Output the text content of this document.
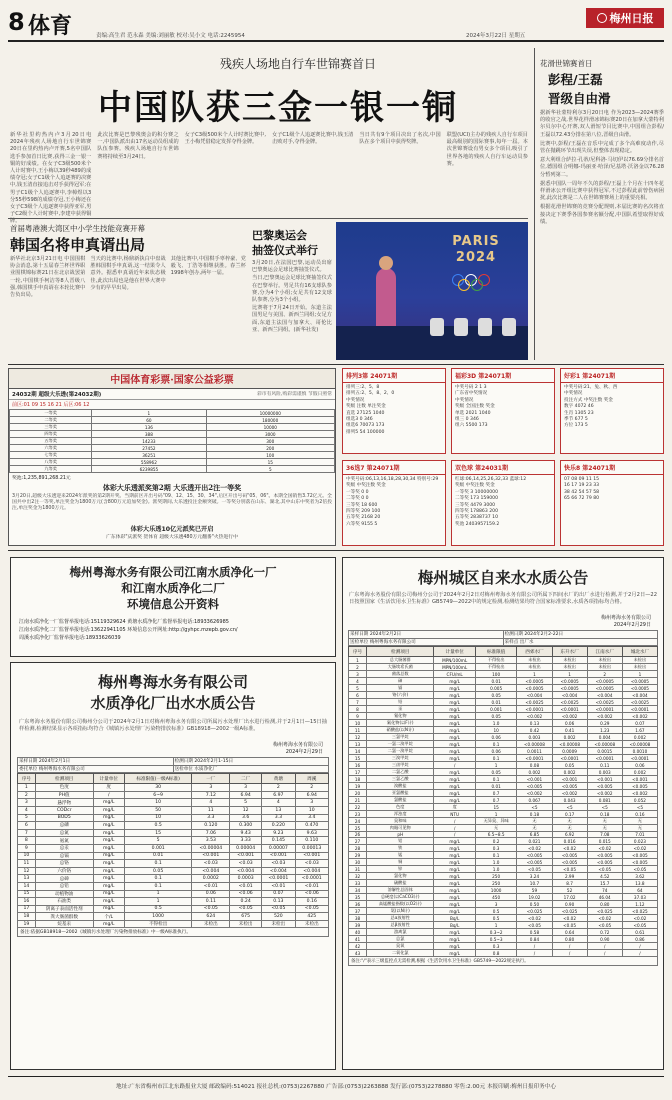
8 体育	责编:高生君 范永森 美编:刘丽敏 校对:吴小文 电话:2245954	2024年3月22日 星期五
梅州日报
残疾人场地自行车世锦赛首日
中国队获三金一银一铜

新华社里约热内卢3月20日电 2024年残疾人场地自行车世锦赛20日在里约热内卢开赛,5名中国队选手参加首日比赛,获得三金一银一铜的好成绩。在女子C3级500米个人计时赛中,王小梅以39秒489的成绩夺冠;女子C1级个人追逐赛的决赛中,钱玉清直接追击对手获得冠军;在男子C1级个人追逐赛中,李樟煜以3分55秒598的成绩夺冠,王小梅还在女子C3级个人追逐赛中获得亚军,男子C2级个人计时赛中,李建中获得铜牌。

此次比赛是巴黎残奥会的积分赛之一,中国队派出由17名运动员组成的队伍参赛。残疾人场地自行车世锦赛将持续至3月24日。

女子C3级500米个人计时赛比赛中,王小梅凭借稳定发挥夺得金牌。

女子C1级个人追逐赛比赛中,钱玉清击败对手,夺得金牌。

当日共有9个项目决出了名次,中国队在多个项目中获得奖牌。

联盟(UCI)主办的残疾人自行车项目最高级别的国际赛事,每年一届。本次世锦赛设有男女多个项目,吸引了世界各地的残疾人自行车运动员参赛。

花滑世锦赛首日
彭程/王磊
晋级自由滑

据新华社蒙特利尔3月20日电 作为2023—2024赛季的收官之战,世界花样滑冰锦标赛20日在加拿大蒙特利尔贝尔中心开赛,双人滑短节目比赛中,中国组合彭程/王磊以72.43分排在第八位,晋级自由滑。

比赛中,彭程/王磊在音乐中完成了多个高难度动作,尽管在抛跳环节出现失误,但整体表现稳定。

意大利组合萨拉·孔蒂/尼科洛·马切伊以76.69分排名首位,德国组合明娜-玛丽亚·哈泽/尼基塔·沃洛金以76.28分暂列第二。

据悉中国队一周年不久的彭程/王磊上个月在十四冬花样滑冰公开组比赛中获得冠军,不过彭程此前曾伤病困扰,此次比赛是二人在世锦赛赛场上的重要亮相。

根据花滑世锦赛的竞赛分配规则,本届比赛的名次将直接决定下赛季各国参赛名额分配,中国队希望取得好成绩。

首届粤港澳大湾区中小学生技能竞赛开幕
韩国名将申真谞出局

新华社北京3月21日电 中国围棋协会消息,第十五届春兰杯世界职业围棋锦标赛21日在北京战罢第一轮,中国棋手柯洁等8人晋级八强,韩国棋手申真谞在本轮比赛中告负出局。

当天的比赛中,杨鼎新执白中盘战胜韩国棋手申真谞,这一结果令人意外。据悉申真谞近年来状态极佳,此次出局也是他在世界大赛中少有的早早出局。

其他比赛中,中国棋手辜梓豪、党毅飞、丁浩等相继获胜。春兰杯1998年创办,两年一届。

巴黎奥运会
抽签仪式举行

3月20日,在法国巴黎,运动员出席巴黎奥运会足球比赛抽签仪式。

当日,巴黎奥运会足球比赛抽签仪式在巴黎举行。男足共有16支球队参赛,分为4个小组;女足共有12支球队参赛,分为3个小组。

比赛将于7月24日开始。东道主法国男足与美国、新西兰同组;女足方面,东道主法国与加拿大、哥伦比亚、新西兰同组。(新华社发)

PARIS 2024
中国体育彩票·国家公益彩票
24032期 超级大乐透(第24032期)	彩市有风险,购彩需谨慎 节假日照常
前区:01 09 15 16 21 后区:06 12
一等奖	1	10000000
二等奖	60	180000
三等奖	136	10000
四等奖	388	3000
五等奖	14233	300
六等奖	27452	200
七等奖	36251	100
八等奖	558962	15
九等奖	6239855	5
奖池:1,235,891,268.21元
体彩大乐透派奖第2期 大乐透开出2注一等奖

3月20日,超级大乐透迎来2024年派奖的第2期开奖。当期前区开出号码"09、12、15、30、34",后区开出号码"05、06"。本期全国销售3.72亿元。全国共中出2注一等奖,单注奖金为1800万元(含800万元追加奖金)。派奖期间,大乐透投注金额突破。一等奖分别落在山东、湖北,其中山东中奖者为2倍投注,单注奖金为1800万元。

体彩大乐透10亿元派奖已开启
广东体彩"庆派奖 贺体育 超级大乐透480万元翻番"火热进行中
排列3第 24071期
排列三:2、5、8
排列五:2、5、8、2、0
中奖情况
奖级 注数 单注奖金
直选 27125 1040
组选3 0 346
组选6 70073 173
排列5 54 100000
福彩3D 第24071期
中奖号码 2 1 3
广东省中奖情况
中奖情况
奖级 全国注数 奖金
单选 2021 1040
组三 0 346
组六 5500 173
好彩1 第24071期
中奖号码:21、兔、秋、西
中奖情况
投注方式 中奖注数 奖金
数字 4072 46
生肖 1305 23
季节 677 5
方位 173 5
36选7 第24071期
中奖号码:06,13,16,18,28,30,34 特别号:29
奖级 中奖注数 奖金
一等奖 0 0
二等奖 0 0
三等奖 18 600
四等奖 209 100
五等奖 2168 20
六等奖 9155 5
双色球 第24031期
红球:06,14,25,26,32,33 蓝球:12
奖级 中奖注数 奖金
一等奖 3 10000000
二等奖 173 159000
三等奖 4479 3000
四等奖 178863 200
五等奖 2838737 10
奖池 2403957159.2
快乐8 第24071期
07 08 09 11 15
16 17 19 23 33
38 42 54 57 58
65 66 72 79 80
梅州粤海水务有限公司江南水质净化一厂
和江南水质净化二厂
环境信息公开资料
江南水质净化一厂监督举报电话:15119329624 黄塘水质净化厂监督举报电话:18933626985
江南水质净化二厂监督举报电话:13622941105 环境信息公开网址:http://gyhpc.mzepb.gov.cn/
周溪水质净化厂监督举报电话:18933626039
梅州粤海水务有限公司
水质净化厂出水水质公告

广东粤海水务股份有限公司梅州分公司于2024年2月1日对梅州粤海水务有限公司所属污水处理厂出水进行检测,并于2月1日—15日抽样检测,检测结果显示各项指标均符合《城镇污水处理厂污染物排放标准》GB18918—2002一级A标准。

梅州粤海水务有限公司
2024年2月29日
采样日期 2024年2月1日	检测日期 2024年2月1-15日
委托单位 梅州粤海水务有限公司	送检单位 水质净化厂
序号	检测项目	计量单位	标准限值(一级A标准)	一厂	二厂	黄塘	周溪
1	色度	度	30	3	3	2	2
2	PH值	/	6~9	7.12	6.94	6.97	6.94
3	悬浮物	mg/L	10	4	5	4	3
4	CODcr	mg/L	50	11	12	13	10
5	BOD5	mg/L	10	3.3	3.6	3.3	3.4
6	总磷	mg/L	0.5	0.120	0.300	0.220	0.470
7	总氮	mg/L	15	7.06	9.43	9.23	9.63
8	氨氮	mg/L	5	3.53	3.33	0.145	0.110
9	总汞	mg/L	0.001	<0.00004	0.00004	0.00007	0.00013
10	总镉	mg/L	0.01	<0.001	<0.001	<0.001	<0.001
11	总铬	mg/L	0.1	<0.03	<0.03	<0.03	<0.03
12	六价铬	mg/L	0.05	<0.004	<0.004	<0.004	<0.004
13	总砷	mg/L	0.1	0.0002	0.0003	<0.0001	<0.0001
14	总铅	mg/L	0.1	<0.01	<0.01	<0.01	<0.01
15	动植物油	mg/L	1	0.06	<0.06	0.07	<0.06
16	石油类	mg/L	1	0.11	0.24	0.13	0.16
17	阴离子表面活性剂	mg/L	0.5	<0.05	<0.05	<0.05	<0.05
18	粪大肠菌群数	个/L	1000	624	675	520	425
19	烷基汞	mg/L	不得检出	未检出	未检出	未检出	未检出
备注:依据GB18918—2002《城镇污水处理厂污染物排放标准》中一级A标准执行。
梅州城区自来水水质公告

广东粤海水务股份有限公司梅州分公司于2024年2月2日对梅州粤海水务有限公司所属下四间水厂的出厂水进行检测,并于2月2日—22日按照国家《生活饮用水卫生标准》GB5749—2022中的规定检测,检测结果均符合国家标准要求,水质各项指标均合格。

梅州粤海水务有限公司
2024年2月29日
采样日期 2024年2月2日	检测日期 2024年2月2-22日
送检单位 梅州粤海水务有限公司	采样点 出厂水
序号	检测项目	计量单位	标准限值	西郊水厂	东升水厂	江南水厂	城北水厂
1	总大肠菌群	MPN/100mL	不得检出	未检出	未检出	未检出	未检出
2	大肠埃希氏菌	MPN/100mL	不得检出	未检出	未检出	未检出	未检出
3	菌落总数	CFU/mL	100	1	1	2	1
4	砷	mg/L	0.01	<0.0005	<0.0005	<0.0005	<0.0005
5	镉	mg/L	0.005	<0.0005	<0.0005	<0.0005	<0.0005
6	铬(六价)	mg/L	0.05	<0.004	<0.004	<0.004	<0.004
7	铅	mg/L	0.01	<0.0025	<0.0025	<0.0025	<0.0025
8	汞	mg/L	0.001	<0.0001	<0.0001	<0.0001	<0.0001
9	氰化物	mg/L	0.05	<0.002	<0.002	<0.002	<0.002
10	氟化物(以F计)	mg/L	1.0	0.13	0.06	0.29	0.07
11	硝酸盐(以N计)	mg/L	10	0.42	0.41	1.23	1.67
12	三氯甲烷	mg/L	0.06	0.003	0.002	0.004	0.002
13	一氯二溴甲烷	mg/L	0.1	<0.00008	<0.00008	<0.00008	<0.00008
14	二氯一溴甲烷	mg/L	0.06	0.0011	0.0009	0.0015	0.0010
15	三溴甲烷	mg/L	0.1	<0.0001	<0.0001	<0.0001	<0.0001
16	三卤甲烷	/	1	0.08	0.05	0.11	0.06
17	二氯乙酸	mg/L	0.05	0.002	0.002	0.003	0.002
18	三氯乙酸	mg/L	0.1	<0.001	<0.001	<0.001	<0.001
19	溴酸盐	mg/L	0.01	<0.005	<0.005	<0.005	<0.005
20	亚氯酸盐	mg/L	0.7	<0.002	<0.002	<0.002	<0.002
21	氯酸盐	mg/L	0.7	0.067	0.043	0.081	0.052
22	色度	度	15	<5	<5	<5	<5
23	浑浊度	NTU	1	0.18	0.17	0.18	0.16
24	臭和味	/	无异臭、异味	无	无	无	无
25	肉眼可见物	/	无	无	无	无	无
26	pH	/	6.5~8.5	6.85	6.92	7.08	7.01
27	铝	mg/L	0.2	0.021	0.016	0.015	0.023
28	铁	mg/L	0.3	<0.02	<0.02	<0.02	<0.02
29	锰	mg/L	0.1	<0.005	<0.005	<0.005	<0.005
30	铜	mg/L	1.0	<0.005	<0.005	<0.005	<0.005
31	锌	mg/L	1.0	<0.05	<0.05	<0.05	<0.05
32	氯化物	mg/L	250	3.24	2.99	4.52	3.62
33	硫酸盐	mg/L	250	10.7	8.7	15.7	13.8
34	溶解性总固体	mg/L	1000	59	52	74	64
35	总硬度(以CaCO3计)	mg/L	450	19.02	17.02	46.04	37.03
36	高锰酸盐指数(以O2计)	mg/L	3	0.50	0.90	0.80	1.12
37	氨(以N计)	mg/L	0.5	<0.025	<0.025	<0.025	<0.025
38	总α放射性	Bq/L	0.5	<0.02	<0.02	<0.02	<0.02
39	总β放射性	Bq/L	1	<0.05	<0.05	<0.05	<0.05
40	游离氯	mg/L	0.3~2	0.58	0.64	0.72	0.61
41	总氯	mg/L	0.5~3	0.84	0.80	0.90	0.86
42	臭氧	mg/L	0.3	/	/	/	/
43	二氧化氯	mg/L	0.8	/	/	/	/
备注:"/"表示三级监控点无需检测,根据《生活饮用水卫生标准》GB5749—2022规定执行。
地址:广东省梅州市江北东路报业大厦 邮政编码:514021 报社总机:(0753)2267880 广告部:(0753)2263888 发行部:(0753)2278880 零售:2.00元 本报印刷:梅州日报印务中心
